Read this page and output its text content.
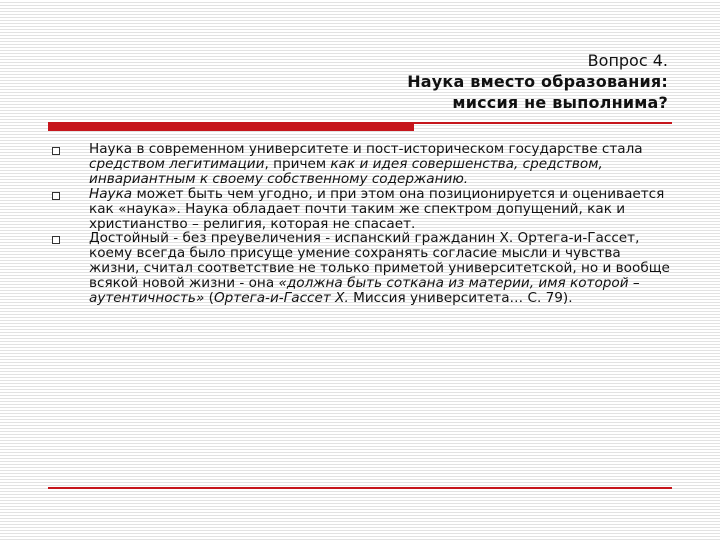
Вопрос 4.
Наука вместо образования:
миссия не выполнима?
Наука в современном университете и пост-историческом государстве стала средством легитимации, причем как и идея совершенства, средством, инвариантным к своему собственному содержанию.
Наука может быть чем угодно, и при этом она позиционируется и оценивается как «наука». Наука обладает почти таким же спектром допущений, как и христианство – религия, которая не спасает.
Достойный - без преувеличения - испанский гражданин Х. Ортега-и-Гассет, коему всегда было присуще умение сохранять согласие мысли и чувства жизни, считал соответствие не только приметой университетской, но и вообще всякой новой жизни - она «должна быть соткана из материи, имя которой – аутентичность» (Ортега-и-Гассет Х. Миссия университета… С. 79).
